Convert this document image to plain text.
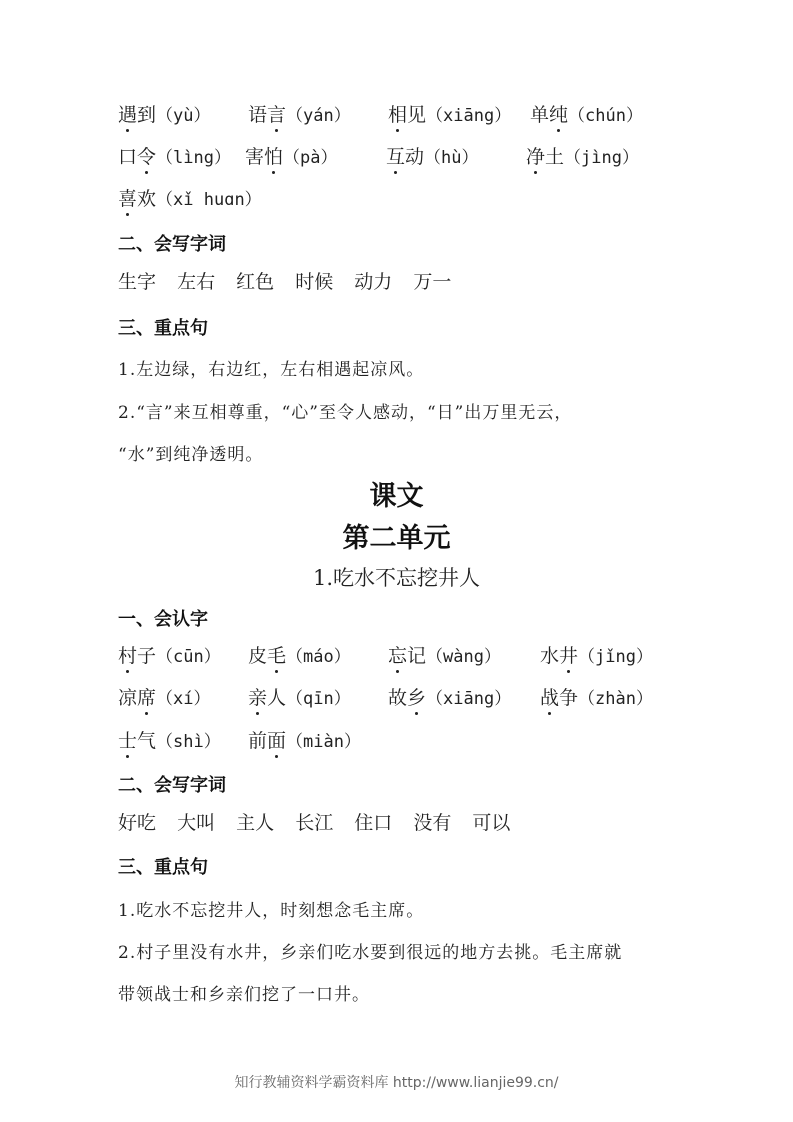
遇到（yù） 语言（yán） 相见（xiāng） 单纯（chún）
口令（lìng） 害怕（pà）	互动（hù） 净土（jìng）
喜欢（xǐ huɑn）
二、会写字词
生字 左右 红色 时候 动力 万一
三、重点句
1.左边绿，右边红，左右相遇起凉风。
2.“言”来互相尊重，“心”至令人感动，“日”出万里无云，
“水”到纯净透明。
课文
第二单元
1.吃水不忘挖井人
一、会认字
村子（cūn） 皮毛（máo） 忘记（wàng） 水井（jǐng）
凉席（xí） 亲人（qīn） 故乡（xiāng） 战争（zhàn）
士气（shì） 前面（miàn）
二、会写字词
好吃 大叫 主人 长江 住口 没有 可以
三、重点句
1.吃水不忘挖井人，时刻想念毛主席。
2.村子里没有水井，乡亲们吃水要到很远的地方去挑。毛主席就
带领战士和乡亲们挖了一口井。
知行教辅资料学霸资料库 http://www.lianjie99.cn/
